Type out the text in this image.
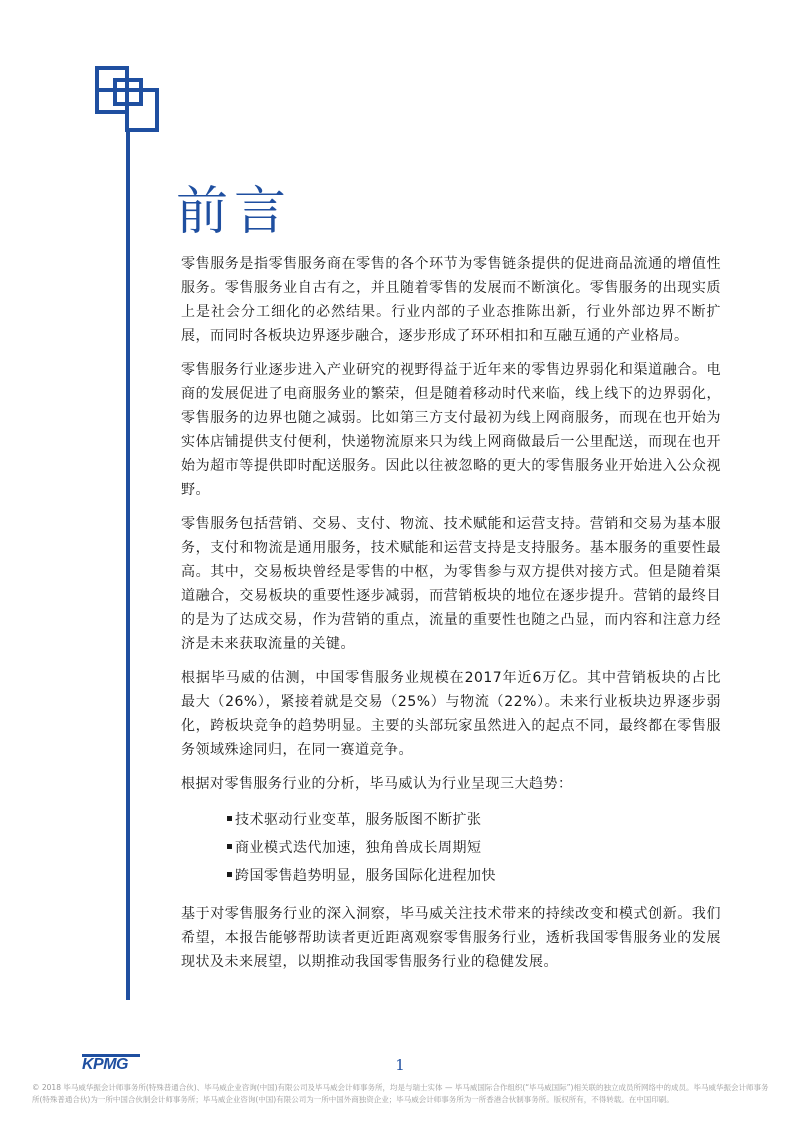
前言

零售服务是指零售服务商在零售的各个环节为零售链条提供的促进商品流通的增值性服务。零售服务业自古有之，并且随着零售的发展而不断演化。零售服务的出现实质上是社会分工细化的必然结果。行业内部的子业态推陈出新，行业外部边界不断扩展，而同时各板块边界逐步融合，逐步形成了环环相扣和互融互通的产业格局。

零售服务行业逐步进入产业研究的视野得益于近年来的零售边界弱化和渠道融合。电商的发展促进了电商服务业的繁荣，但是随着移动时代来临，线上线下的边界弱化，零售服务的边界也随之减弱。比如第三方支付最初为线上网商服务，而现在也开始为实体店铺提供支付便利，快递物流原来只为线上网商做最后一公里配送，而现在也开始为超市等提供即时配送服务。因此以往被忽略的更大的零售服务业开始进入公众视野。

零售服务包括营销、交易、支付、物流、技术赋能和运营支持。营销和交易为基本服务，支付和物流是通用服务，技术赋能和运营支持是支持服务。基本服务的重要性最高。其中，交易板块曾经是零售的中枢，为零售参与双方提供对接方式。但是随着渠道融合，交易板块的重要性逐步减弱，而营销板块的地位在逐步提升。营销的最终目的是为了达成交易，作为营销的重点，流量的重要性也随之凸显，而内容和注意力经济是未来获取流量的关键。

根据毕马威的估测，中国零售服务业规模在2017年近6万亿。其中营销板块的占比最大（26%），紧接着就是交易（25%）与物流（22%）。未来行业板块边界逐步弱化，跨板块竞争的趋势明显。主要的头部玩家虽然进入的起点不同，最终都在零售服务领域殊途同归，在同一赛道竞争。

根据对零售服务行业的分析，毕马威认为行业呈现三大趋势：

技术驱动行业变革，服务版图不断扩张
商业模式迭代加速，独角兽成长周期短
跨国零售趋势明显，服务国际化进程加快

基于对零售服务行业的深入洞察，毕马威关注技术带来的持续改变和模式创新。我们希望，本报告能够帮助读者更近距离观察零售服务行业，透析我国零售服务业的发展现状及未来展望，以期推动我国零售服务行业的稳健发展。

KPMG	1
© 2018 毕马威华振会计师事务所(特殊普通合伙)、毕马威企业咨询(中国)有限公司及毕马威会计师事务所，均是与瑞士实体 — 毕马威国际合作组织(“毕马威国际”)相关联的独立成员所网络中的成员。毕马威华振会计师事务所(特殊普通合伙)为一所中国合伙制会计师事务所；毕马威企业咨询(中国)有限公司为一所中国外商独资企业；毕马威会计师事务所为一所香港合伙制事务所。版权所有，不得转载。在中国印刷。
